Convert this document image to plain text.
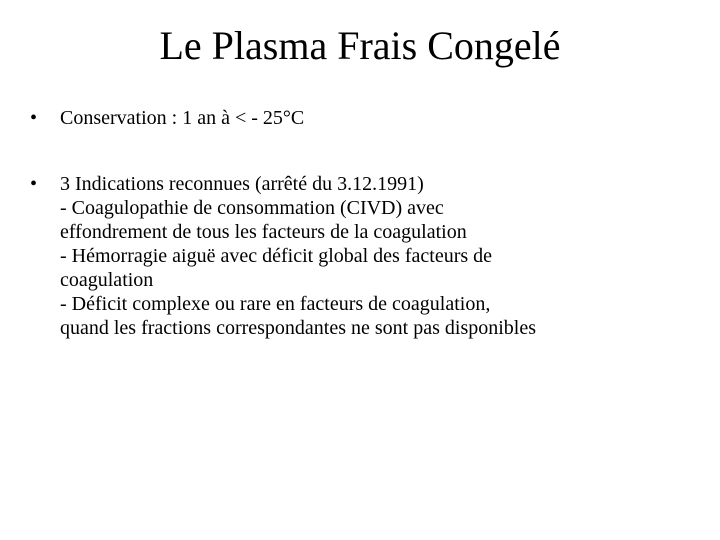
Le Plasma Frais Congelé
•	Conservation : 1 an à < - 25°C
•	3 Indications reconnues (arrêté du 3.12.1991)
- Coagulopathie de consommation (CIVD) avec
effondrement de tous les facteurs de la coagulation
- Hémorragie aiguë avec déficit global des facteurs de
coagulation
- Déficit complexe ou rare en facteurs de coagulation,
quand les fractions correspondantes ne sont pas disponibles
